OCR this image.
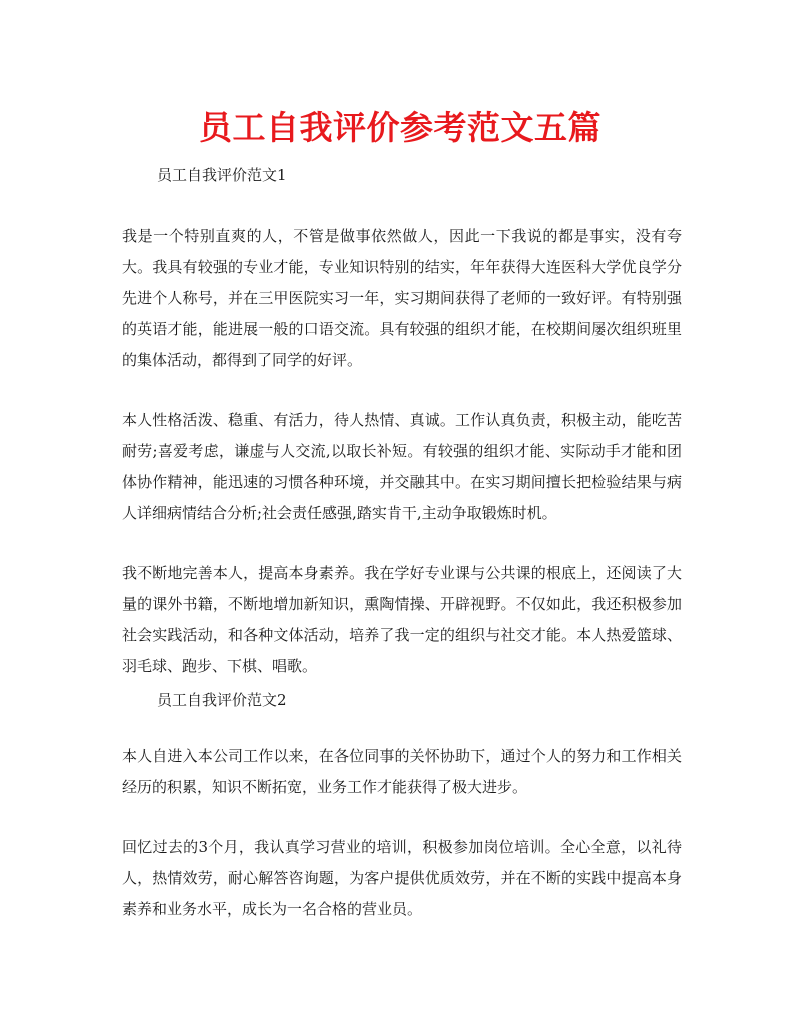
员工自我评价参考范文五篇

员工自我评价范文1

我是一个特别直爽的人，不管是做事依然做人，因此一下我说的都是事实，没有夸大。我具有较强的专业才能，专业知识特别的结实，年年获得大连医科大学优良学分先进个人称号，并在三甲医院实习一年，实习期间获得了老师的一致好评。有特别强的英语才能，能进展一般的口语交流。具有较强的组织才能，在校期间屡次组织班里的集体活动，都得到了同学的好评。

本人性格活泼、稳重、有活力，待人热情、真诚。工作认真负责，积极主动，能吃苦耐劳;喜爱考虑，谦虚与人交流,以取长补短。有较强的组织才能、实际动手才能和团体协作精神，能迅速的习惯各种环境，并交融其中。在实习期间擅长把检验结果与病人详细病情结合分析;社会责任感强,踏实肯干,主动争取锻炼时机。

我不断地完善本人，提高本身素养。我在学好专业课与公共课的根底上，还阅读了大量的课外书籍，不断地增加新知识，熏陶情操、开辟视野。不仅如此，我还积极参加社会实践活动，和各种文体活动，培养了我一定的组织与社交才能。本人热爱篮球、羽毛球、跑步、下棋、唱歌。

员工自我评价范文2

本人自进入本公司工作以来，在各位同事的关怀协助下，通过个人的努力和工作相关经历的积累，知识不断拓宽，业务工作才能获得了极大进步。

回忆过去的3个月，我认真学习营业的培训，积极参加岗位培训。全心全意，以礼待人，热情效劳，耐心解答咨询题，为客户提供优质效劳，并在不断的实践中提高本身素养和业务水平，成长为一名合格的营业员。
